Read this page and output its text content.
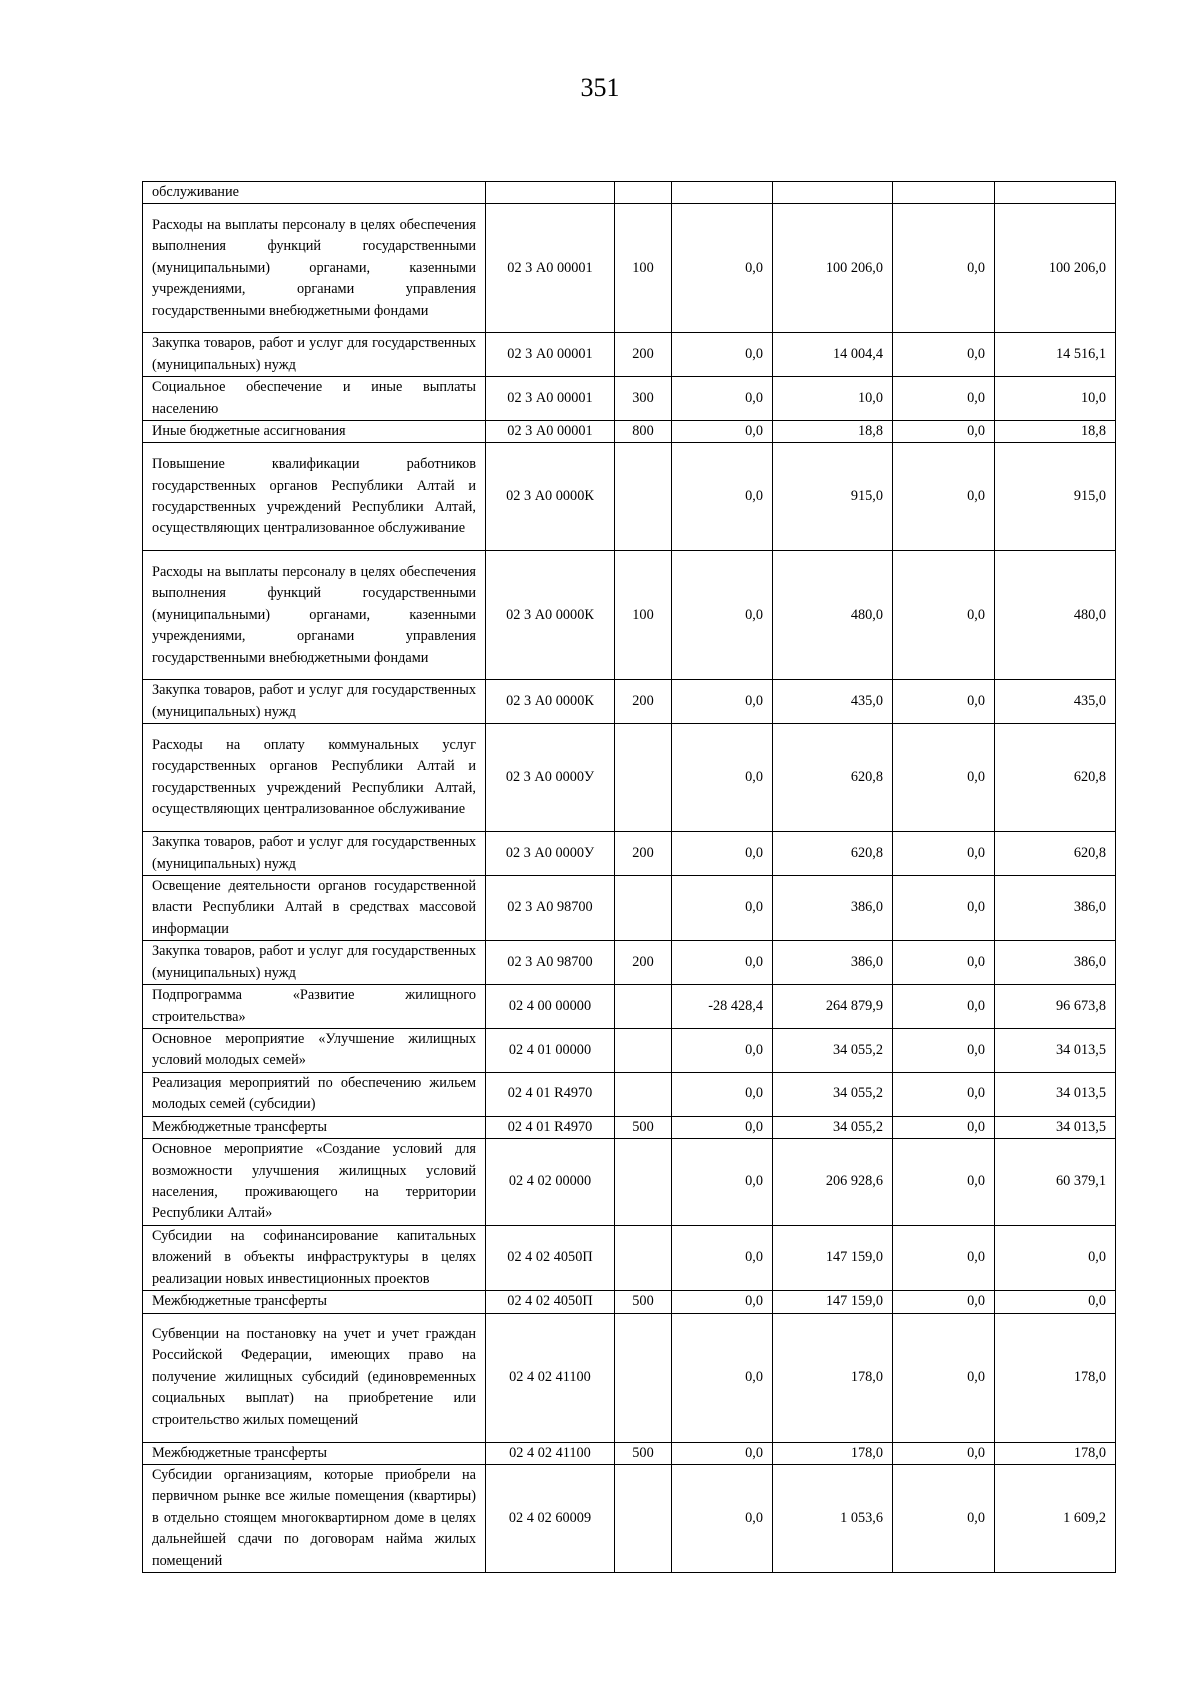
351
обслуживание						
Расходы на выплаты персоналу в целях обеспечения выполнения функций государственными (муниципальными) органами, казенными учреждениями, органами управления государственными внебюджетными фондами	02 3 А0 00001	100	0,0	100 206,0	0,0	100 206,0
Закупка товаров, работ и услуг для государственных (муниципальных) нужд	02 3 А0 00001	200	0,0	14 004,4	0,0	14 516,1
Социальное обеспечение и иные выплаты населению	02 3 А0 00001	300	0,0	10,0	0,0	10,0
Иные бюджетные ассигнования	02 3 А0 00001	800	0,0	18,8	0,0	18,8
Повышение квалификации работников государственных органов Республики Алтай и государственных учреждений Республики Алтай, осуществляющих централизованное обслуживание	02 3 А0 0000К		0,0	915,0	0,0	915,0
Расходы на выплаты персоналу в целях обеспечения выполнения функций государственными (муниципальными) органами, казенными учреждениями, органами управления государственными внебюджетными фондами	02 3 А0 0000К	100	0,0	480,0	0,0	480,0
Закупка товаров, работ и услуг для государственных (муниципальных) нужд	02 3 А0 0000К	200	0,0	435,0	0,0	435,0
Расходы на оплату коммунальных услуг государственных органов Республики Алтай и государственных учреждений Республики Алтай, осуществляющих централизованное обслуживание	02 3 А0 0000У		0,0	620,8	0,0	620,8
Закупка товаров, работ и услуг для государственных (муниципальных) нужд	02 3 А0 0000У	200	0,0	620,8	0,0	620,8
Освещение деятельности органов государственной власти Республики Алтай в средствах массовой информации	02 3 А0 98700		0,0	386,0	0,0	386,0
Закупка товаров, работ и услуг для государственных (муниципальных) нужд	02 3 А0 98700	200	0,0	386,0	0,0	386,0
Подпрограмма «Развитие жилищного строительства»	02 4 00 00000		-28 428,4	264 879,9	0,0	96 673,8
Основное мероприятие «Улучшение жилищных условий молодых семей»	02 4 01 00000		0,0	34 055,2	0,0	34 013,5
Реализация мероприятий по обеспечению жильем молодых семей (субсидии)	02 4 01 R4970		0,0	34 055,2	0,0	34 013,5
Межбюджетные трансферты	02 4 01 R4970	500	0,0	34 055,2	0,0	34 013,5
Основное мероприятие «Создание условий для возможности улучшения жилищных условий населения, проживающего на территории Республики Алтай»	02 4 02 00000		0,0	206 928,6	0,0	60 379,1
Субсидии на софинансирование капитальных вложений в объекты инфраструктуры в целях реализации новых инвестиционных проектов	02 4 02 4050П		0,0	147 159,0	0,0	0,0
Межбюджетные трансферты	02 4 02 4050П	500	0,0	147 159,0	0,0	0,0
Субвенции на постановку на учет и учет граждан Российской Федерации, имеющих право на получение жилищных субсидий (единовременных социальных выплат) на приобретение или строительство жилых помещений	02 4 02 41100		0,0	178,0	0,0	178,0
Межбюджетные трансферты	02 4 02 41100	500	0,0	178,0	0,0	178,0
Субсидии организациям, которые приобрели на первичном рынке все жилые помещения (квартиры) в отдельно стоящем многоквартирном доме в целях дальнейшей сдачи по договорам найма жилых помещений	02 4 02 60009		0,0	1 053,6	0,0	1 609,2
